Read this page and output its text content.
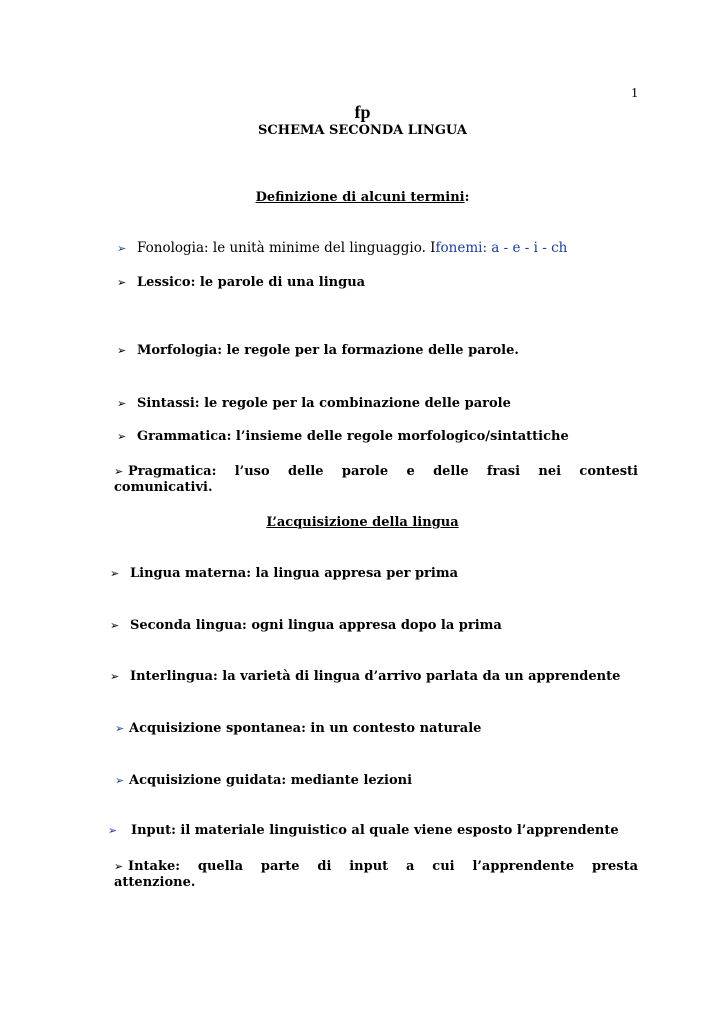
1
fp
SCHEMA SECONDA LINGUA
Definizione di alcuni termini:
➢ Fonologia: le unità minime del linguaggio. I fonemi: a - e - i - ch
➢ Lessico: le parole di una lingua
➢ Morfologia: le regole per la formazione delle parole.
➢ Sintassi: le regole per la combinazione delle parole
➢ Grammatica: l’insieme delle regole morfologico/sintattiche
➢ Pragmatica: l’uso delle parole e delle frasi nei contesti
comunicativi.
L’acquisizione della lingua
➢ Lingua materna: la lingua appresa per prima
➢ Seconda lingua: ogni lingua appresa dopo la prima
➢ Interlingua: la varietà di lingua d’arrivo parlata da un apprendente
➢ Acquisizione spontanea: in un contesto naturale
➢ Acquisizione guidata: mediante lezioni
➢	Input: il materiale linguistico al quale viene esposto l’apprendente
➢ Intake: quella parte di input a cui l’apprendente presta
attenzione.
